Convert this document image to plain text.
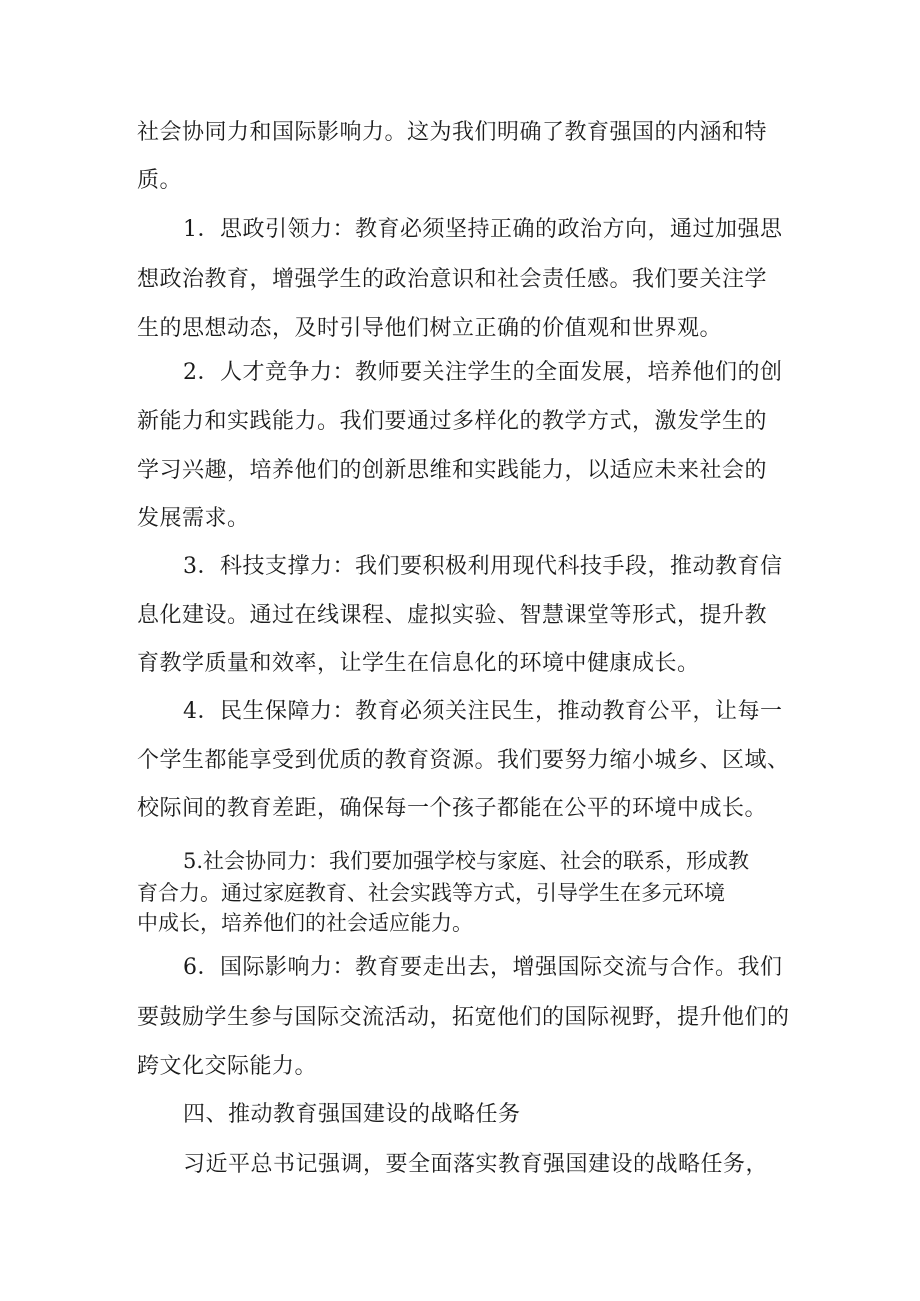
社会协同力和国际影响力。这为我们明确了教育强国的内涵和特
质。
1．思政引领力：教育必须坚持正确的政治方向，通过加强思
想政治教育，增强学生的政治意识和社会责任感。我们要关注学
生的思想动态，及时引导他们树立正确的价值观和世界观。
2．人才竞争力：教师要关注学生的全面发展，培养他们的创
新能力和实践能力。我们要通过多样化的教学方式，激发学生的
学习兴趣，培养他们的创新思维和实践能力，以适应未来社会的
发展需求。
3．科技支撑力：我们要积极利用现代科技手段，推动教育信
息化建设。通过在线课程、虚拟实验、智慧课堂等形式，提升教
育教学质量和效率，让学生在信息化的环境中健康成长。
4．民生保障力：教育必须关注民生，推动教育公平，让每一
个学生都能享受到优质的教育资源。我们要努力缩小城乡、区域、
校际间的教育差距，确保每一个孩子都能在公平的环境中成长。
5.社会协同力：我们要加强学校与家庭、社会的联系，形成教
育合力。通过家庭教育、社会实践等方式，引导学生在多元环境
中成长，培养他们的社会适应能力。
6．国际影响力：教育要走出去，增强国际交流与合作。我们
要鼓励学生参与国际交流活动，拓宽他们的国际视野，提升他们的
跨文化交际能力。
四、推动教育强国建设的战略任务
习近平总书记强调，要全面落实教育强国建设的战略任务，
